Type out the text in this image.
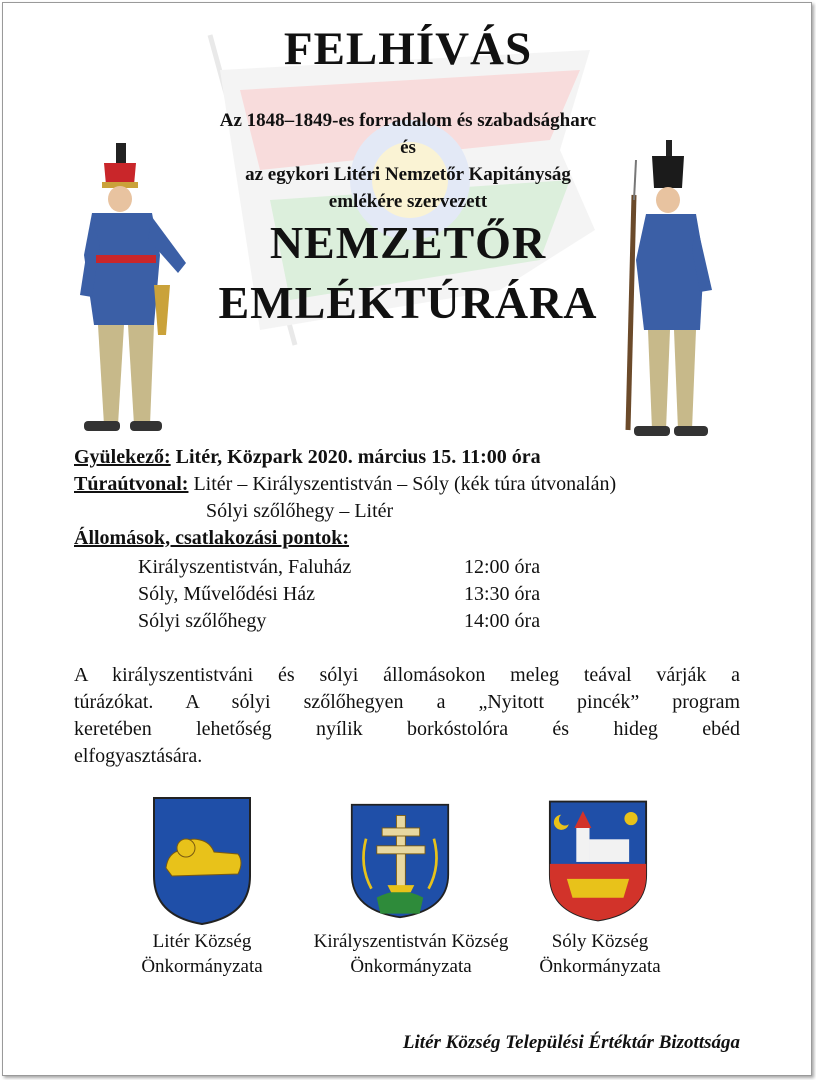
FELHÍVÁS
Az 1848–1849-es forradalom és szabadságharc
és
az egykori Litéri Nemzetőr Kapitányság
emlékére szervezett
NEMZETŐR
EMLÉKTÚRÁRA
Gyülekező: Litér, Közpark 2020. március 15. 11:00 óra
Túraútvonal: Litér – Királyszentistván – Sóly (kék túra útvonalán)
Sólyi szőlőhegy – Litér
Állomások, csatlakozási pontok:
Királyszentistván, Faluház	12:00 óra
Sóly, Művelődési Ház	13:30 óra
Sólyi szőlőhegy	14:00 óra
A királyszentistváni és sólyi állomásokon meleg teával várják a
túrázókat. A sólyi szőlőhegyen a „Nyitott pincék” program
keretében lehetőség nyílik borkóstolóra és hideg ebéd
elfogyasztására.
Litér Község
Önkormányzata
Királyszentistván Község
Önkormányzata
Sóly Község
Önkormányzata
Litér Község Települési Értéktár Bizottsága
